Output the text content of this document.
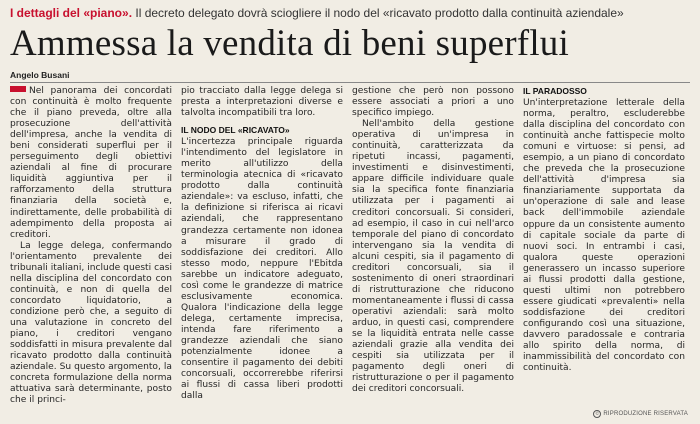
I dettagli del «piano». Il decreto delegato dovrà sciogliere il nodo del «ricavato prodotto dalla continuità aziendale»
Ammessa la vendita di beni superflui
Angelo Busani

Nel panorama dei concordati con continuità è molto frequente che il piano preveda, oltre alla prosecuzione dell'attività dell'impresa, anche la vendita di beni considerati superflui per il perseguimento degli obiettivi aziendali al fine di procurare liquidità aggiuntiva per il rafforzamento della struttura finanziaria della società e, indirettamente, delle probabilità di adempimento della proposta ai creditori.

La legge delega, confermando l'orientamento prevalente dei tribunali italiani, include questi casi nella disciplina del concordato con continuità, e non di quella del concordato liquidatorio, a condizione però che, a seguito di una valutazione in concreto del piano, i creditori vengano soddisfatti in misura prevalente dal ricavato prodotto dalla continuità aziendale. Su questo argomento, la concreta formulazione della norma attuativa sarà determinante, posto che il princi-

pio tracciato dalla legge delega si presta a interpretazioni diverse e talvolta incompatibili tra loro.

IL NODO DEL «RICAVATO»

L'incertezza principale riguarda l'intendimento del legislatore in merito all'utilizzo della terminologia atecnica di «ricavato prodotto dalla continuità aziendale»: va escluso, infatti, che la definizione si riferisca ai ricavi aziendali, che rappresentano grandezza certamente non idonea a misurare il grado di soddisfazione dei creditori. Allo stesso modo, neppure l'Ebitda sarebbe un indicatore adeguato, così come le grandezze di matrice esclusivamente economica. Qualora l'indicazione della legge delega, certamente imprecisa, intenda fare riferimento a grandezze aziendali che siano potenzialmente idonee a consentire il pagamento dei debiti concorsuali, occorrerebbe riferirsi ai flussi di cassa liberi prodotti dalla

gestione che però non possono essere associati a priori a uno specifico impiego.

Nell'ambito della gestione operativa di un'impresa in continuità, caratterizzata da ripetuti incassi, pagamenti, investimenti e disinvestimenti, appare difficile individuare quale sia la specifica fonte finanziaria utilizzata per i pagamenti ai creditori concorsuali. Si consideri, ad esempio, il caso in cui nell'arco temporale del piano di concordato intervengano sia la vendita di alcuni cespiti, sia il pagamento di creditori concorsuali, sia il sostenimento di oneri straordinari di ristrutturazione che riducono momentaneamente i flussi di cassa operativi aziendali: sarà molto arduo, in questi casi, comprendere se la liquidità entrata nelle casse aziendali grazie alla vendita dei cespiti sia utilizzata per il pagamento degli oneri di ristrutturazione o per il pagamento dei creditori concorsuali.

IL PARADOSSO

Un'interpretazione letterale della norma, peraltro, escluderebbe dalla disciplina del concordato con continuità anche fattispecie molto comuni e virtuose: si pensi, ad esempio, a un piano di concordato che preveda che la prosecuzione dell'attività d'impresa sia finanziariamente supportata da un'operazione di sale and lease back dell'immobile aziendale oppure da un consistente aumento di capitale sociale da parte di nuovi soci. In entrambi i casi, qualora queste operazioni generassero un incasso superiore ai flussi prodotti dalla gestione, questi ultimi non potrebbero essere giudicati «prevalenti» nella soddisfazione dei creditori configurando così una situazione, davvero paradossale e contraria allo spirito della norma, di inammissibilità del concordato con continuità.

© RIPRODUZIONE RISERVATA
